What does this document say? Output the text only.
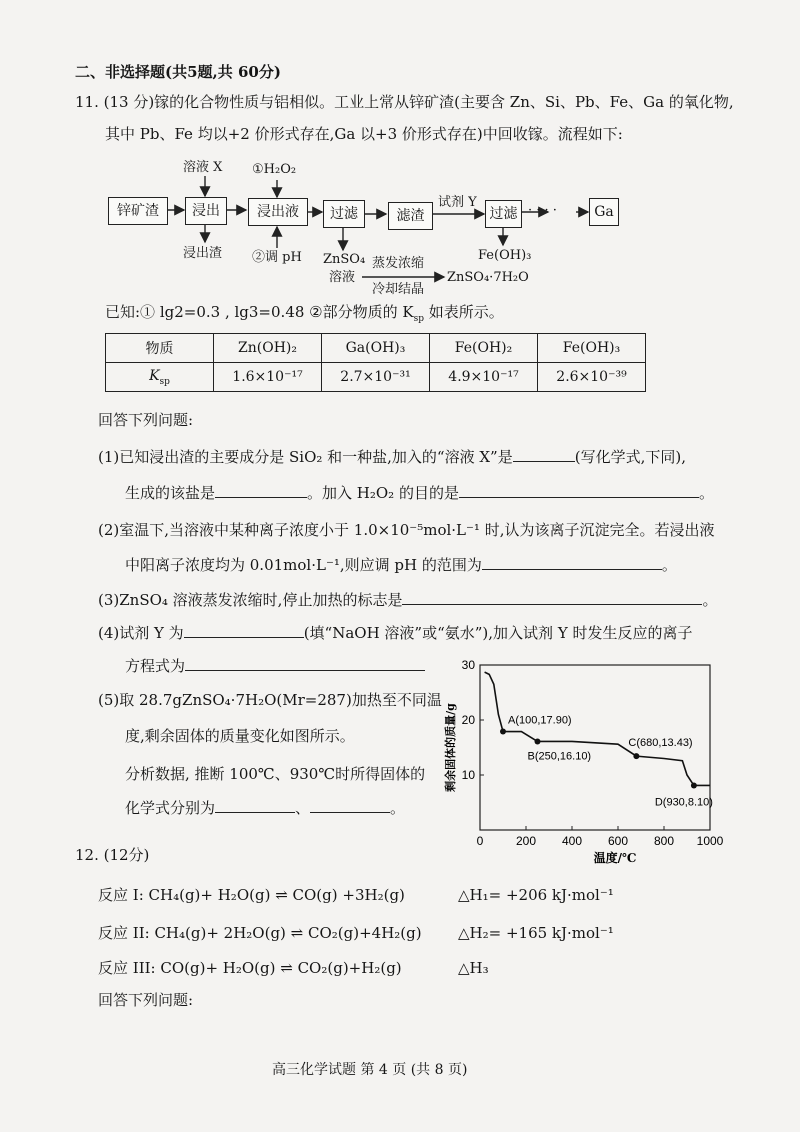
二、非选择题(共5题,共 60分)
11. (13 分)镓的化合物性质与铝相似。工业上常从锌矿渣(主要含 Zn、Si、Pb、Fe、Ga 的氧化物,
其中 Pb、Fe 均以+2 价形式存在,Ga 以+3 价形式存在)中回收镓。流程如下:
锌矿渣	浸出	浸出液	过滤	滤渣	过滤	Ga
溶液 X ①H₂O₂
浸出渣 ②调 pH ZnSO₄
溶液
蒸发浓缩
冷却结晶
ZnSO₄·7H₂O
试剂 Y
Fe(OH)₃
· · · ·
已知:① lg2=0.3 , lg3=0.48 ②部分物质的 $K_{sp}$ 如表所示。
物质	Zn(OH)₂	Ga(OH)₃	Fe(OH)₂	Fe(OH)₃
$K_{sp}$	1.6×10⁻¹⁷	2.7×10⁻³¹	4.9×10⁻¹⁷	2.6×10⁻³⁹
回答下列问题:
(1)已知浸出渣的主要成分是 SiO₂ 和一种盐,加入的“溶液 X”是	(写化学式,下同),
生成的该盐是	。加入 H₂O₂ 的目的是	。
(2)室温下,当溶液中某种离子浓度小于 1.0×10⁻⁵mol·L⁻¹ 时,认为该离子沉淀完全。若浸出液
中阳离子浓度均为 0.01mol·L⁻¹,则应调 pH 的范围为	。
(3)ZnSO₄ 溶液蒸发浓缩时,停止加热的标志是	。
(4)试剂 Y 为	(填“NaOH 溶液”或“氨水”),加入试剂 Y 时发生反应的离子
方程式为
(5)取 28.7gZnSO₄·7H₂O(Mr=287)加热至不同温
度,剩余固体的质量变化如图所示。
分析数据, 推断 100℃、930℃时所得固体的
化学式分别为	、	。
0	200 400 600 800 1000
10
20
30
温度/℃
剩余固体的质量/g	A(100,17.90)
B(250,16.10)
C(680,13.43)
D(930,8.10)
12. (12分)
反应 I: CH₄(g)+ H₂O(g) ⇌ CO(g) +3H₂(g)	△H₁= +206 kJ·mol⁻¹
反应 II: CH₄(g)+ 2H₂O(g) ⇌ CO₂(g)+4H₂(g) △H₂= +165 kJ·mol⁻¹
反应 III: CO(g)+ H₂O(g) ⇌ CO₂(g)+H₂(g)	△H₃
回答下列问题:
高三化学试题 第 4 页 (共 8 页)
